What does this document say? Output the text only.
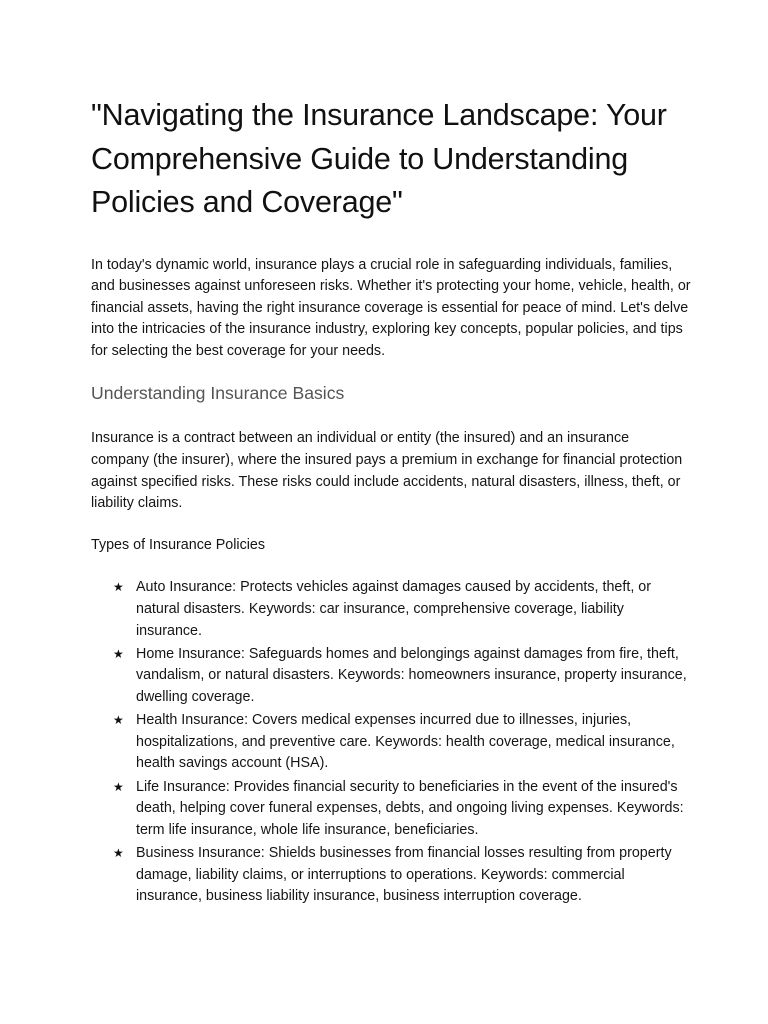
"Navigating the Insurance Landscape: Your Comprehensive Guide to Understanding Policies and Coverage"

In today's dynamic world, insurance plays a crucial role in safeguarding individuals, families, and businesses against unforeseen risks. Whether it's protecting your home, vehicle, health, or financial assets, having the right insurance coverage is essential for peace of mind. Let's delve into the intricacies of the insurance industry, exploring key concepts, popular policies, and tips for selecting the best coverage for your needs.

Understanding Insurance Basics

Insurance is a contract between an individual or entity (the insured) and an insurance company (the insurer), where the insured pays a premium in exchange for financial protection against specified risks. These risks could include accidents, natural disasters, illness, theft, or liability claims.

Types of Insurance Policies

★ Auto Insurance: Protects vehicles against damages caused by accidents, theft, or natural disasters. Keywords: car insurance, comprehensive coverage, liability insurance.
★ Home Insurance: Safeguards homes and belongings against damages from fire, theft, vandalism, or natural disasters. Keywords: homeowners insurance, property insurance, dwelling coverage.
★ Health Insurance: Covers medical expenses incurred due to illnesses, injuries, hospitalizations, and preventive care. Keywords: health coverage, medical insurance, health savings account (HSA).
★ Life Insurance: Provides financial security to beneficiaries in the event of the insured's death, helping cover funeral expenses, debts, and ongoing living expenses. Keywords: term life insurance, whole life insurance, beneficiaries.
★ Business Insurance: Shields businesses from financial losses resulting from property damage, liability claims, or interruptions to operations. Keywords: commercial insurance, business liability insurance, business interruption coverage.
